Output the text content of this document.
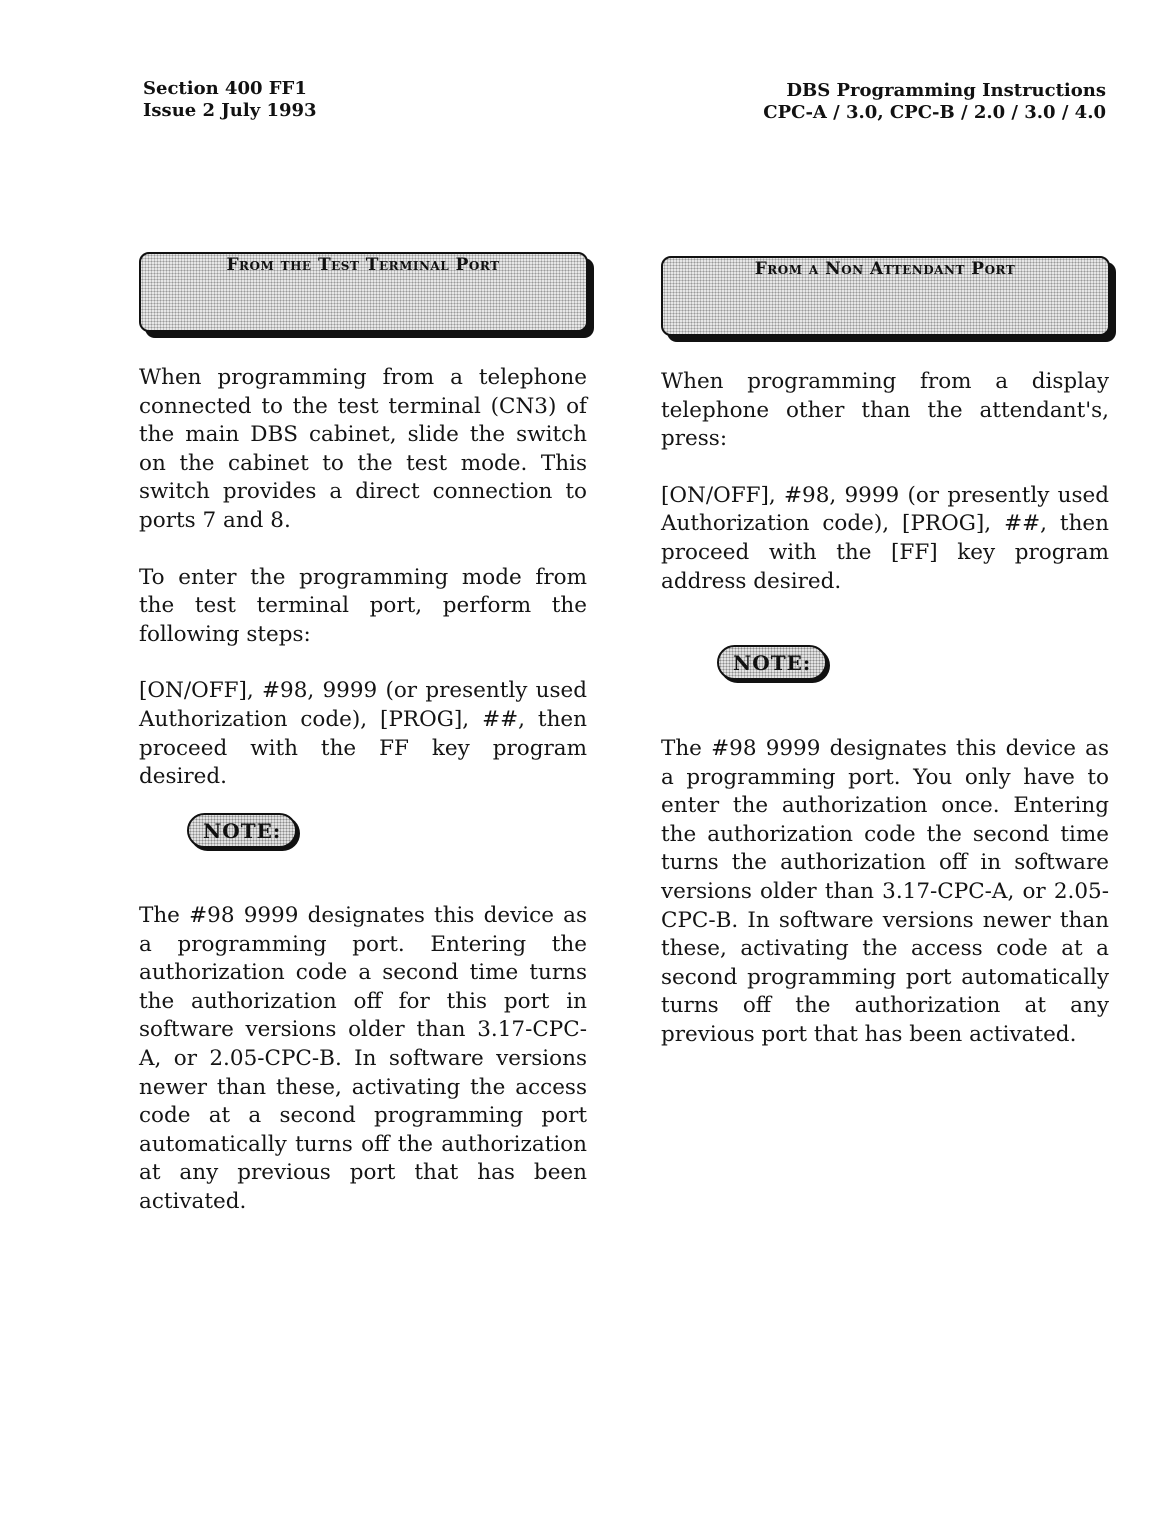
Section 400 FF1
Issue 2 July 1993
DBS Programming Instructions
CPC-A / 3.0, CPC-B / 2.0 / 3.0 / 4.0
From the Test Terminal Port

When programming from a telephone connected to the test terminal (CN3) of the main DBS cabinet, slide the switch on the cabinet to the test mode. This switch provides a direct connection to ports 7 and 8.

To enter the programming mode from the test terminal port, perform the following steps:

[ON/OFF], #98, 9999 (or presently used Authorization code), [PROG], ##, then proceed with the FF key program desired.

NOTE:

The #98 9999 designates this device as a programming port. Entering the authorization code a second time turns the authorization off for this port in software versions older than 3.17-CPC-A, or 2.05-CPC-B. In software versions newer than these, activating the access code at a second programming port automatically turns off the authorization at any previous port that has been activated.

From a Non Attendant Port

When programming from a display telephone other than the attendant's, press:

[ON/OFF], #98, 9999 (or presently used Authorization code), [PROG], ##, then proceed with the [FF] key program address desired.

NOTE:

The #98 9999 designates this device as a programming port. You only have to enter the authorization once. Entering the authorization code the second time turns the authorization off in software versions older than 3.17-CPC-A, or 2.05-CPC-B. In software versions newer than these, activating the access code at a second programming port automatically turns off the authorization at any previous port that has been activated.
